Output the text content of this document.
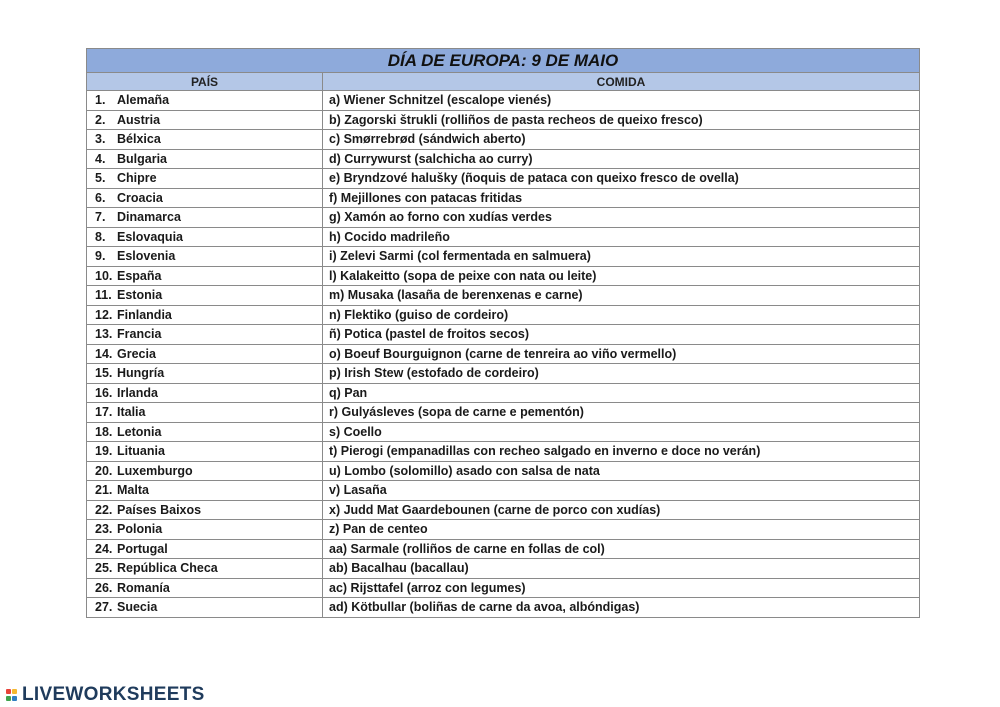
DÍA DE EUROPA: 9 DE MAIO	
PAÍS	COMIDA
1. Alemaña	a) Wiener Schnitzel (escalope vienés)
2. Austria	b) Zagorski štrukli (rolliños de pasta recheos de queixo fresco)
3. Bélxica	c) Smørrebrød (sándwich aberto)
4. Bulgaria	d) Currywurst (salchicha ao curry)
5. Chipre	e) Bryndzové halušky (ñoquis de pataca con queixo fresco de ovella)
6. Croacia	f) Mejillones con patacas fritidas
7. Dinamarca	g) Xamón ao forno con xudías verdes
8. Eslovaquia	h) Cocido madrileño
9. Eslovenia	i) Zelevi Sarmi (col fermentada en salmuera)
10. España	l) Kalakeitto (sopa de peixe con nata ou leite)
11. Estonia	m) Musaka (lasaña de berenxenas e carne)
12. Finlandia	n) Flektiko (guiso de cordeiro)
13. Francia	ñ) Potica (pastel de froitos secos)
14. Grecia	o) Boeuf Bourguignon (carne de tenreira ao viño vermello)
15. Hungría	p) Irish Stew (estofado de cordeiro)
16. Irlanda	q) Pan
17. Italia	r) Gulyásleves (sopa de carne e pementón)
18. Letonia	s) Coello
19. Lituania	t) Pierogi (empanadillas con recheo salgado en inverno e doce no verán)
20. Luxemburgo	u) Lombo (solomillo) asado con salsa de nata
21. Malta	v) Lasaña
22. Países Baixos	x) Judd Mat Gaardebounen (carne de porco con xudías)
23. Polonia	z) Pan de centeo
24. Portugal	aa) Sarmale (rolliños de carne en follas de col)
25. República Checa	ab) Bacalhau (bacallau)
26. Romanía	ac) Rijsttafel (arroz con legumes)
27. Suecia	ad) Kötbullar (boliñas de carne da avoa, albóndigas)
LIVEWORKSHEETS
